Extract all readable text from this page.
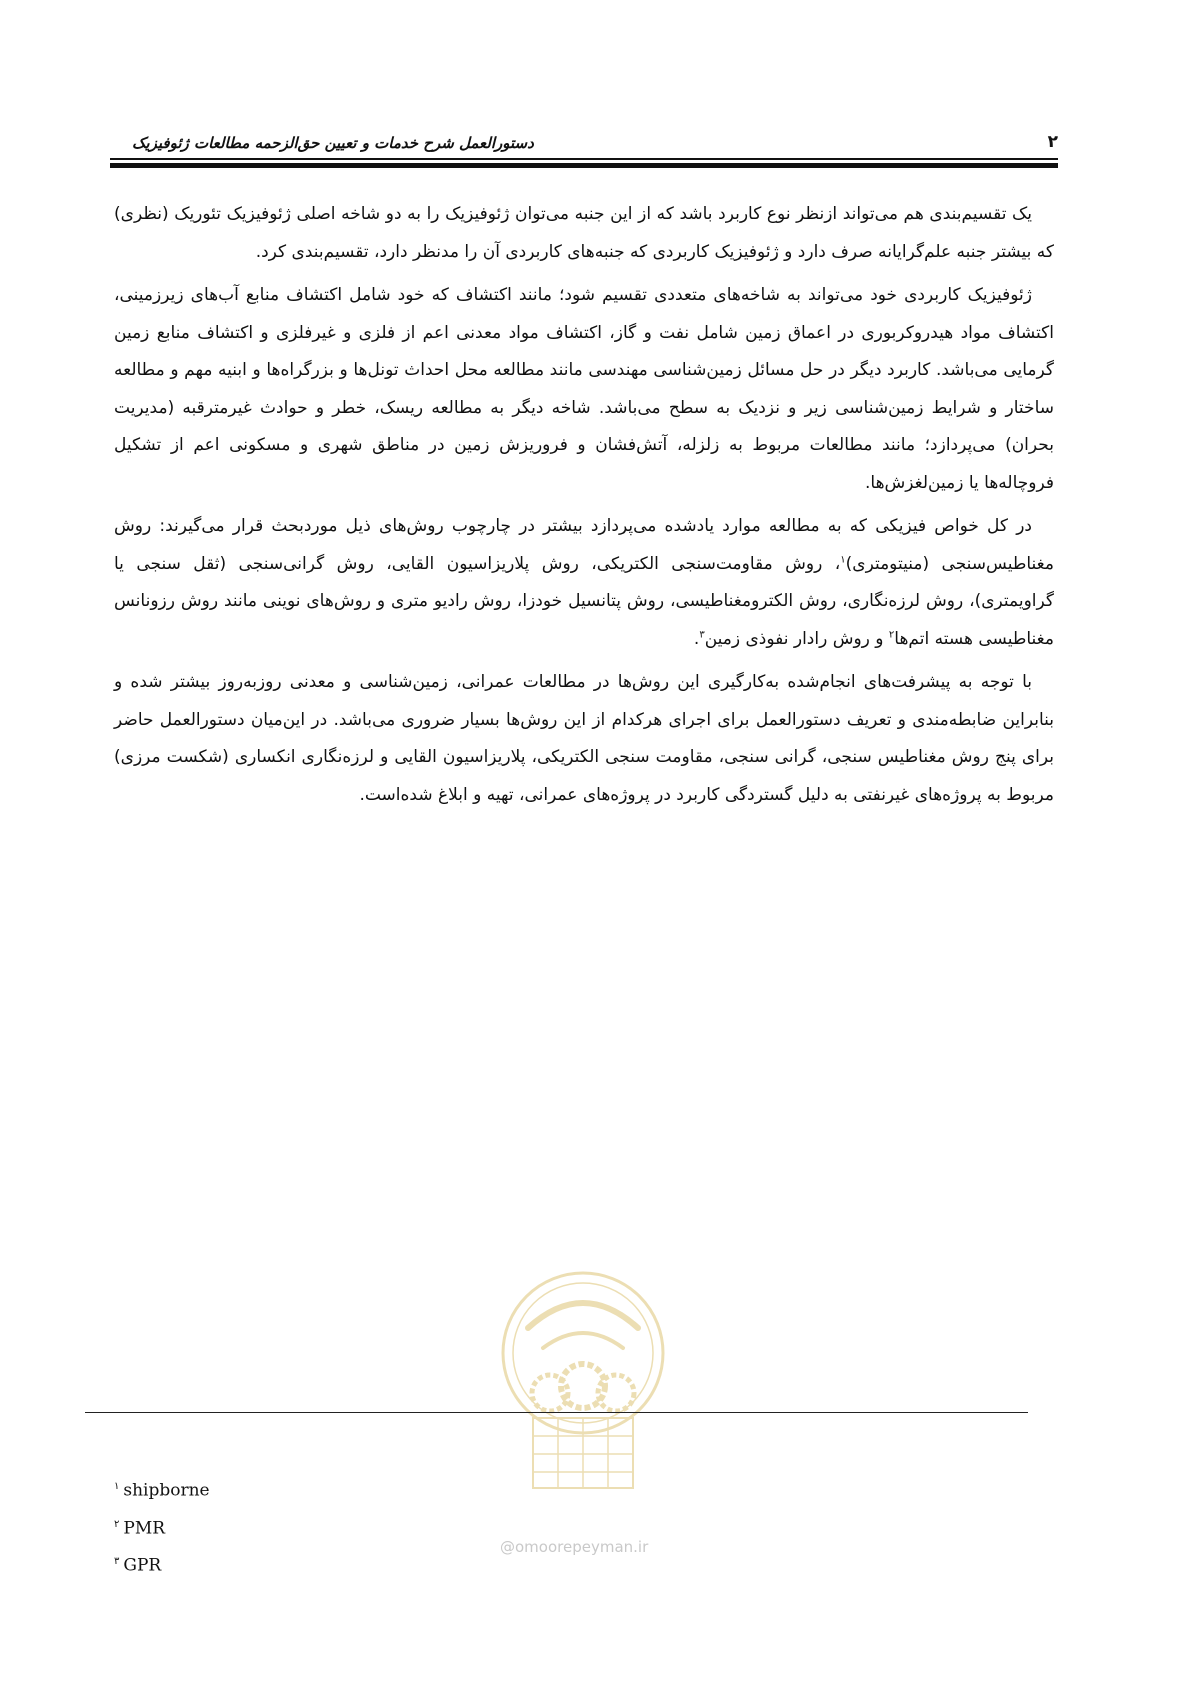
۲
دستورالعمل شرح خدمات و تعیین حق‌الزحمه مطالعات ژئوفیزیک

یک تقسیم‌بندی هم می‌تواند ازنظر نوع کاربرد باشد که از این جنبه می‌توان ژئوفیزیک را به دو شاخه اصلی ژئوفیزیک تئوریک (نظری) که بیشتر جنبه علم‌گرایانه صرف دارد و ژئوفیزیک کاربردی که جنبه‌های کاربردی آن را مدنظر دارد، تقسیم‌بندی کرد.

ژئوفیزیک کاربردی خود می‌تواند به شاخه‌های متعددی تقسیم شود؛ مانند اکتشاف که خود شامل اکتشاف منابع آب‌های زیرزمینی، اکتشاف مواد هیدروکربوری در اعماق زمین شامل نفت و گاز، اکتشاف مواد معدنی اعم از فلزی و غیرفلزی و اکتشاف منابع زمین گرمایی می‌باشد. کاربرد دیگر در حل مسائل زمین‌شناسی مهندسی مانند مطالعه محل احداث تونل‌ها و بزرگراه‌ها و ابنیه مهم و مطالعه ساختار و شرایط زمین‌شناسی زیر و نزدیک به سطح می‌باشد. شاخه دیگر به مطالعه ریسک، خطر و حوادث غیرمترقبه (مدیریت بحران) می‌پردازد؛ مانند مطالعات مربوط به زلزله، آتش‌فشان و فروریزش زمین در مناطق شهری و مسکونی اعم از تشکیل فروچاله‌ها یا زمین‌لغزش‌ها.

در کل خواص فیزیکی که به مطالعه موارد یادشده می‌پردازد بیشتر در چارچوب روش‌های ذیل موردبحث قرار می‌گیرند: روش مغناطیس‌سنجی (منیتومتری)$^۱$، روش مقاومت‌سنجی الکتریکی، روش پلاریزاسیون القایی، روش گرانی‌سنجی (ثقل سنجی یا گراویمتری)، روش لرزه‌نگاری، روش الکترومغناطیسی، روش پتانسیل خودزا، روش رادیو متری و روش‌های نوینی مانند روش رزونانس مغناطیسی هسته اتم‌ها$^۲$ و روش رادار نفوذی زمین$^۳$.

با توجه به پیشرفت‌های انجام‌شده به‌کارگیری این روش‌ها در مطالعات عمرانی، زمین‌شناسی و معدنی روزبه‌روز بیشتر شده و بنابراین ضابطه‌مندی و تعریف دستورالعمل برای اجرای هرکدام از این روش‌ها بسیار ضروری می‌باشد. در این‌میان دستورالعمل حاضر برای پنج روش مغناطیس سنجی، گرانی سنجی، مقاومت سنجی الکتریکی، پلاریزاسیون القایی و لرزه‌نگاری انکساری (شکست مرزی) مربوط به پروژه‌های غیرنفتی به دلیل گستردگی کاربرد در پروژه‌های عمرانی، تهیه و ابلاغ شده‌است.

@omoorepeyman.ir
$^۱$ shipborne
$^۲$ PMR
$^۳$ GPR
